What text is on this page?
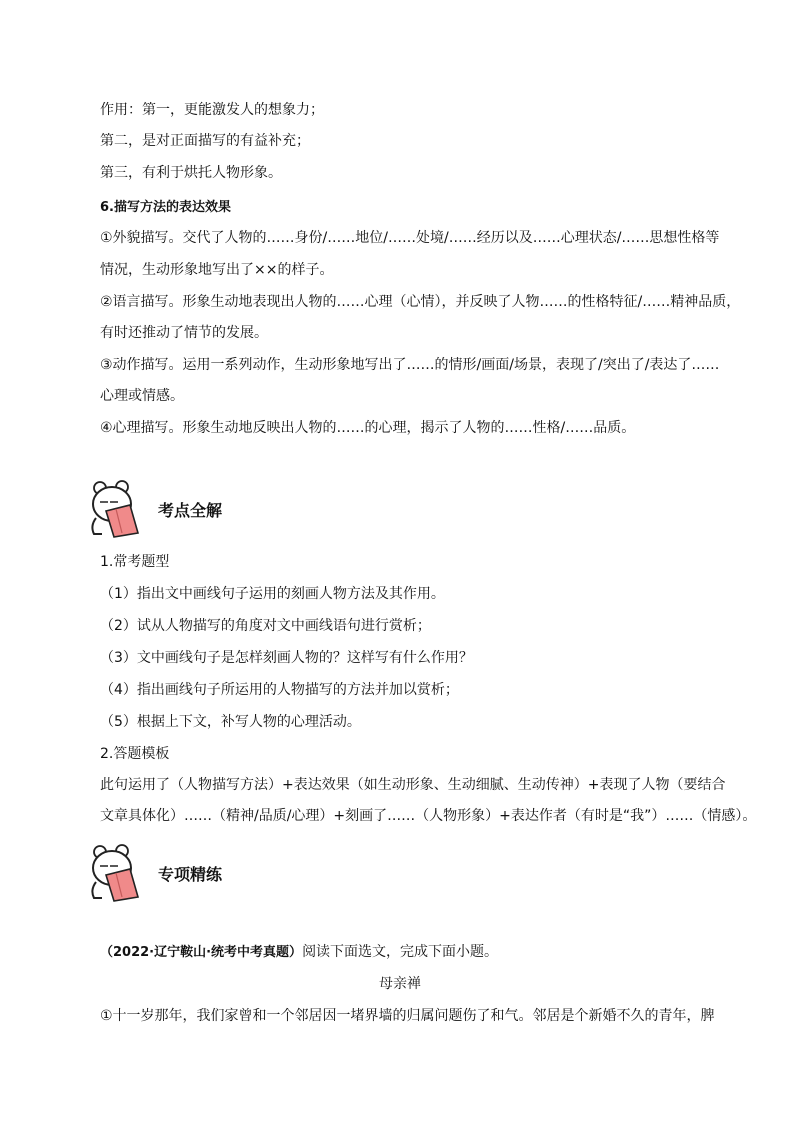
作用：第一，更能激发人的想象力；
第二，是对正面描写的有益补充；
第三，有利于烘托人物形象。
6.描写方法的表达效果
①外貌描写。交代了人物的……身份/……地位/……处境/……经历以及……心理状态/……思想性格等
情况，生动形象地写出了××的样子。
②语言描写。形象生动地表现出人物的……心理（心情），并反映了人物……的性格特征/……精神品质，
有时还推动了情节的发展。
③动作描写。运用一系列动作，生动形象地写出了……的情形/画面/场景，表现了/突出了/表达了……
心理或情感。
④心理描写。形象生动地反映出人物的……的心理，揭示了人物的……性格/……品质。
考点全解
1.常考题型
（1）指出文中画线句子运用的刻画人物方法及其作用。
（2）试从人物描写的角度对文中画线语句进行赏析；
（3）文中画线句子是怎样刻画人物的？这样写有什么作用？
（4）指出画线句子所运用的人物描写的方法并加以赏析；
（5）根据上下文，补写人物的心理活动。
2.答题模板
此句运用了（人物描写方法）+表达效果（如生动形象、生动细腻、生动传神）+表现了人物（要结合
文章具体化）……（精神/品质/心理）+刻画了……（人物形象）+表达作者（有时是“我”）……（情感）。
专项精练
（2022·辽宁鞍山·统考中考真题）阅读下面选文，完成下面小题。
母亲禅
①十一岁那年，我们家曾和一个邻居因一堵界墙的归属问题伤了和气。邻居是个新婚不久的青年，脾
